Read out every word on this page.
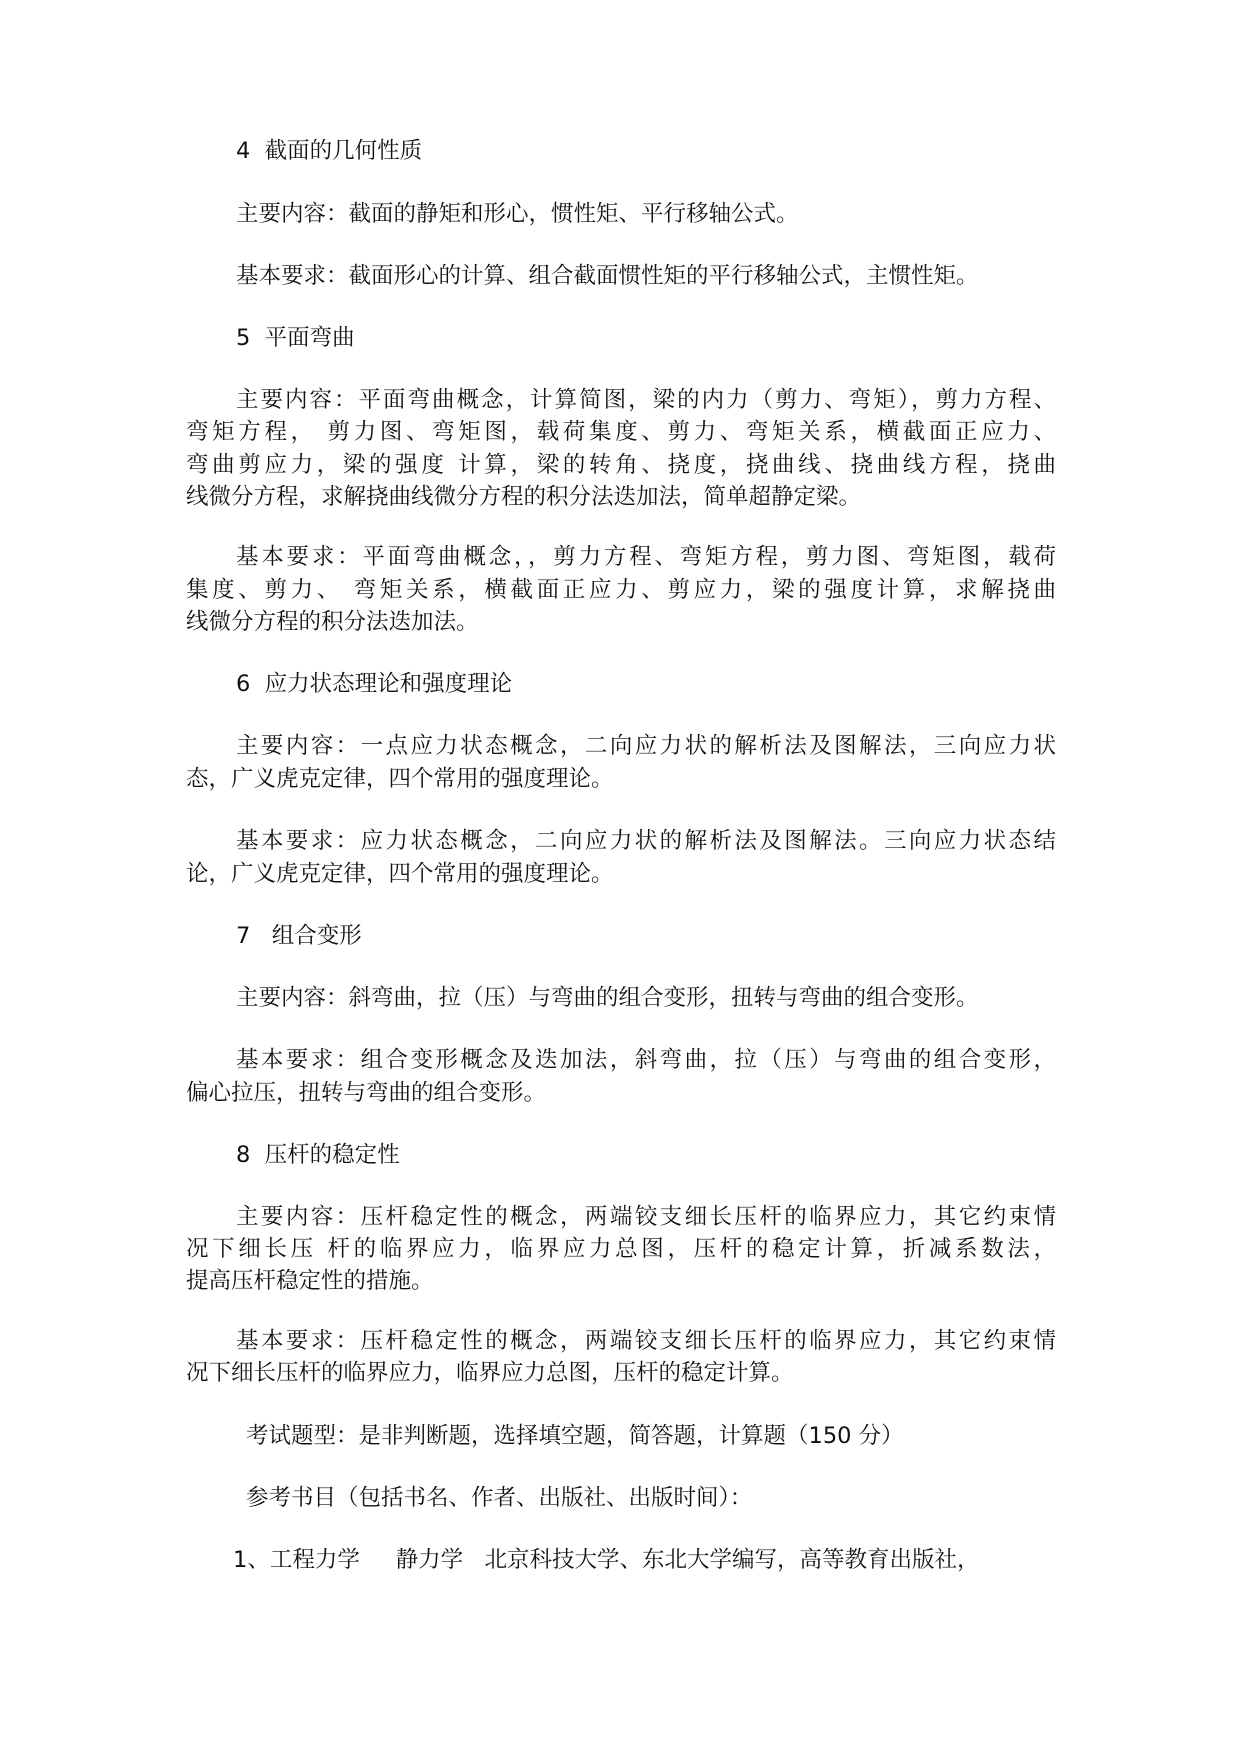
4  截面的几何性质
主要内容：截面的静矩和形心，惯性矩、平行移轴公式。
基本要求：截面形心的计算、组合截面惯性矩的平行移轴公式，主惯性矩。
5  平面弯曲
主要内容：平面弯曲概念，计算简图，梁的内力（剪力、弯矩），剪力方程、
弯矩方程， 剪力图、弯矩图，载荷集度、剪力、弯矩关系，横截面正应力、
弯曲剪应力，梁的强度 计算，梁的转角、挠度，挠曲线、挠曲线方程，挠曲
线微分方程，求解挠曲线微分方程的积分法迭加法，简单超静定梁。
基本要求：平面弯曲概念，，剪力方程、弯矩方程，剪力图、弯矩图，载荷
集度、剪力、 弯矩关系，横截面正应力、剪应力，梁的强度计算，求解挠曲
线微分方程的积分法迭加法。
6  应力状态理论和强度理论
主要内容：一点应力状态概念，二向应力状的解析法及图解法，三向应力状
态，广义虎克定律，四个常用的强度理论。
基本要求：应力状态概念，二向应力状的解析法及图解法。三向应力状态结
论，广义虎克定律，四个常用的强度理论。
7   组合变形
主要内容：斜弯曲，拉（压）与弯曲的组合变形，扭转与弯曲的组合变形。
基本要求：组合变形概念及迭加法，斜弯曲，拉（压）与弯曲的组合变形，
偏心拉压，扭转与弯曲的组合变形。
8  压杆的稳定性
主要内容：压杆稳定性的概念，两端铰支细长压杆的临界应力，其它约束情
况下细长压 杆的临界应力，临界应力总图，压杆的稳定计算，折减系数法，
提高压杆稳定性的措施。
基本要求：压杆稳定性的概念，两端铰支细长压杆的临界应力，其它约束情
况下细长压杆的临界应力，临界应力总图，压杆的稳定计算。
考试题型：是非判断题，选择填空题，简答题，计算题（150 分）
参考书目（包括书名、作者、出版社、出版时间）：
1、工程力学     静力学   北京科技大学、东北大学编写，高等教育出版社，
